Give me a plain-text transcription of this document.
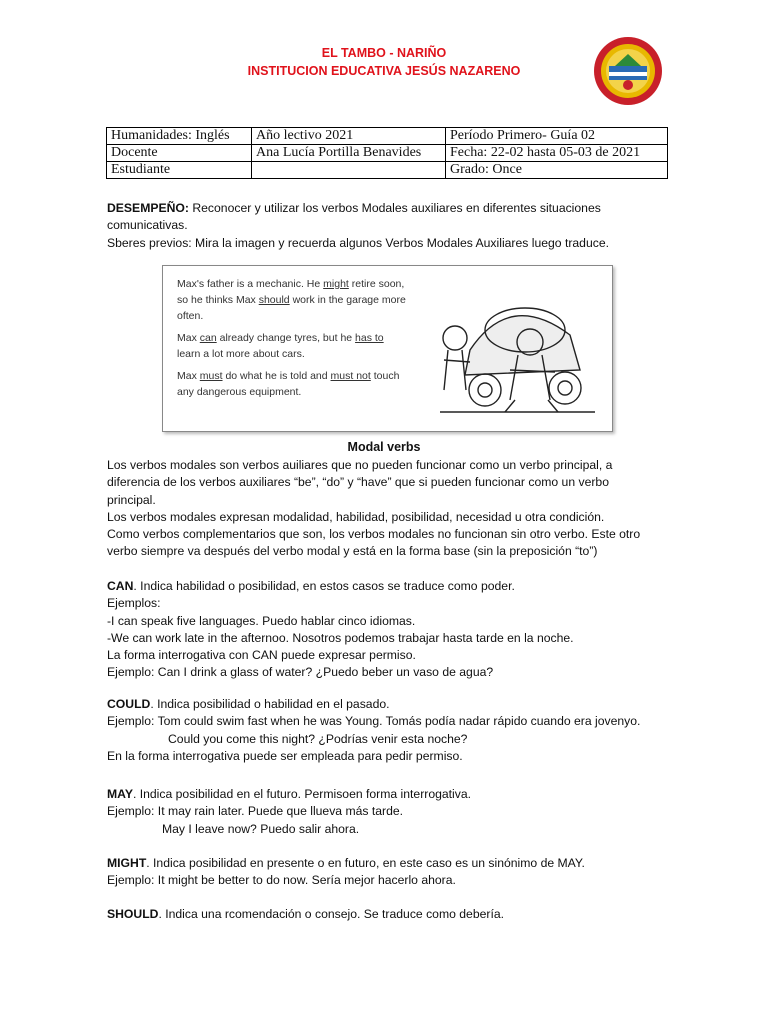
EL TAMBO - NARIÑO
INSTITUCION EDUCATIVA JESÚS NAZARENO
Humanidades: Inglés	Año lectivo 2021	Período Primero- Guía 02
Docente	Ana Lucía Portilla Benavides	Fecha: 22-02 hasta 05-03 de 2021
Estudiante		Grado: Once
DESEMPEÑO: Reconocer y utilizar los verbos Modales auxiliares en diferentes situaciones
comunicativas.
Sberes previos: Mira la imagen y recuerda algunos Verbos Modales Auxiliares luego traduce.

Max's father is a mechanic. He might retire soon,
so he thinks Max should work in the garage more
often.

Max can already change tyres, but he has to
learn a lot more about cars.

Max must do what he is told and must not touch
any dangerous equipment.

Modal verbs
Los verbos modales son verbos auiliares que no pueden funcionar como un verbo principal, a
diferencia de los verbos auxiliares “be”, “do” y “have” que si pueden funcionar como un verbo
principal.
Los verbos modales expresan modalidad, habilidad, posibilidad, necesidad u otra condición.
Como verbos complementarios que son, los verbos modales no funcionan sin otro verbo. Este otro
verbo siempre va después del verbo modal y está en la forma base (sin la preposición “to”)
CAN. Indica habilidad o posibilidad, en estos casos se traduce como poder.
Ejemplos:
-I can speak five languages. Puedo hablar cinco idiomas.
-We can work late in the afternoo. Nosotros podemos trabajar hasta tarde en la noche.
La forma interrogativa con CAN puede expresar permiso.
Ejemplo: Can I drink a glass of water? ¿Puedo beber un vaso de agua?
COULD. Indica posibilidad o habilidad en el pasado.
Ejemplo: Tom could swim fast when he was Young. Tomás podía nadar rápido cuando era jovenyo.
Could you come this night? ¿Podrías venir esta noche?
En la forma interrogativa puede ser empleada para pedir permiso.
MAY. Indica posibilidad en el futuro. Permisoen forma interrogativa.
Ejemplo: It may rain later. Puede que llueva más tarde.
May I leave now? Puedo salir ahora.
MIGHT. Indica posibilidad en presente o en futuro, en este caso es un sinónimo de MAY.
Ejemplo: It might be better to do now. Sería mejor hacerlo ahora.
SHOULD. Indica una rcomendación o consejo. Se traduce como debería.
